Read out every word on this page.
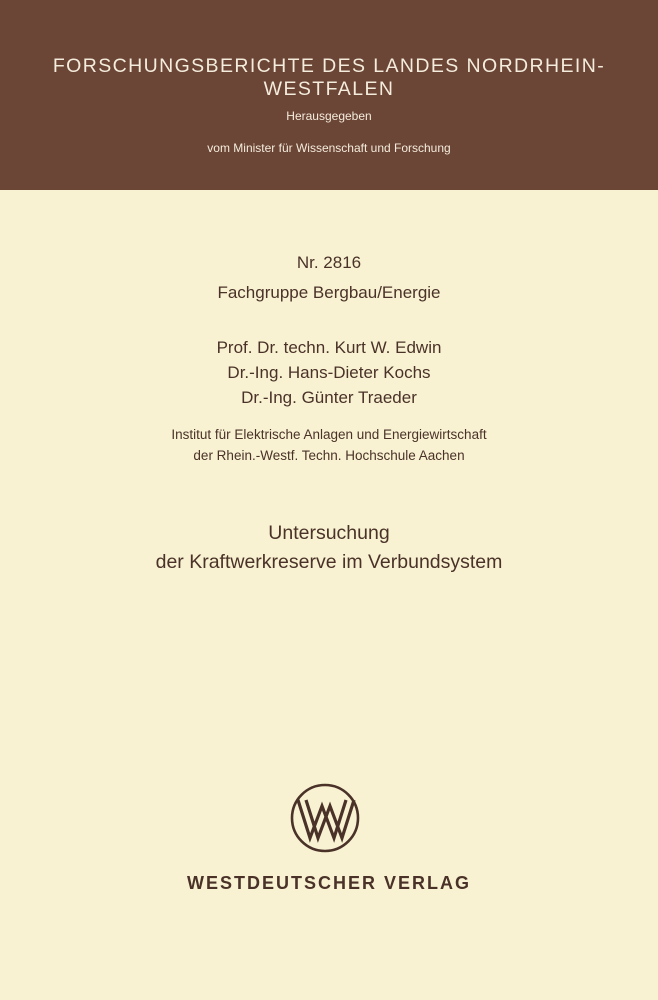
FORSCHUNGSBERICHTE DES LANDES NORDRHEIN-WESTFALEN
Herausgegeben
vom Minister für Wissenschaft und Forschung
Nr. 2816
Fachgruppe Bergbau/Energie
Prof. Dr. techn. Kurt W. Edwin
Dr.-Ing. Hans-Dieter Kochs
Dr.-Ing. Günter Traeder
Institut für Elektrische Anlagen und Energiewirtschaft
der Rhein.-Westf. Techn. Hochschule Aachen
Untersuchung
der Kraftwerkreserve im Verbundsystem
WESTDEUTSCHER VERLAG
